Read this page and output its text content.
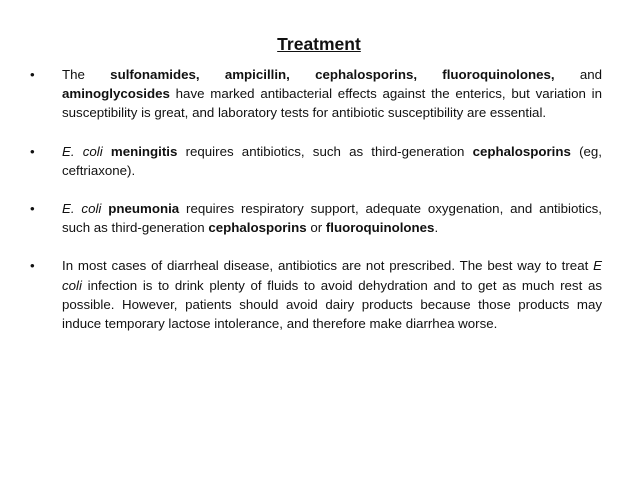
Treatment
• The sulfonamides, ampicillin, cephalosporins, fluoroquinolones, and aminoglycosides have marked antibacterial effects against the enterics, but variation in susceptibility is great, and laboratory tests for antibiotic susceptibility are essential.
• E. coli meningitis requires antibiotics, such as third-generation cephalosporins (eg, ceftriaxone).
• E. coli pneumonia requires respiratory support, adequate oxygenation, and antibiotics, such as third-generation cephalosporins or fluoroquinolones.
• In most cases of diarrheal disease, antibiotics are not prescribed. The best way to treat E coli infection is to drink plenty of fluids to avoid dehydration and to get as much rest as possible. However, patients should avoid dairy products because those products may induce temporary lactose intolerance, and therefore make diarrhea worse.
